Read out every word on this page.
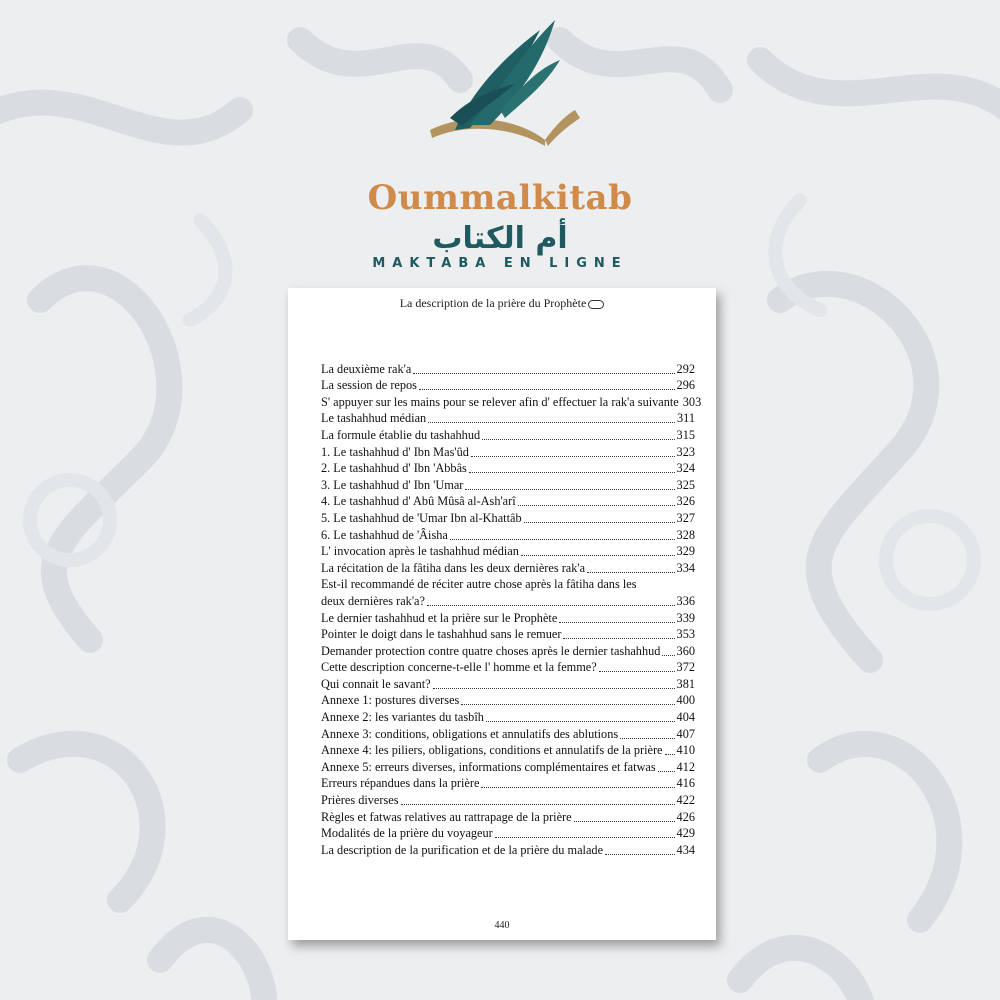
Oummalkitab
أم الكتاب
MAKTABA EN LIGNE
La description de la prière du Prophète
La deuxième rak'a	292
La session de repos	296
S' appuyer sur les mains pour se relever afin d' effectuer la rak'a suivante 303
Le tashahhud médian	311
La formule établie du tashahhud	315
1. Le tashahhud d' Ibn Mas'ûd	323
2. Le tashahhud d' Ibn 'Abbâs	324
3. Le tashahhud d' Ibn 'Umar	325
4. Le tashahhud d' Abû Mûsâ al-Ash'arî	326
5. Le tashahhud de 'Umar Ibn al-Khattâb	327
6. Le tashahhud de 'Âisha	328
L' invocation après le tashahhud médian	329
La récitation de la fâtiha dans les deux dernières rak'a	334
Est-il recommandé de réciter autre chose après la fâtiha dans les
deux dernières rak'a?	336
Le dernier tashahhud et la prière sur le Prophète	339
Pointer le doigt dans le tashahhud sans le remuer	353
Demander protection contre quatre choses après le dernier tashahhud 360
Cette description concerne-t-elle l' homme et la femme?	372
Qui connait le savant?	381
Annexe 1: postures diverses	400
Annexe 2: les variantes du tasbîh	404
Annexe 3: conditions, obligations et annulatifs des ablutions	407
Annexe 4: les piliers, obligations, conditions et annulatifs de la prière 410
Annexe 5: erreurs diverses, informations complémentaires et fatwas 412
Erreurs répandues dans la prière	416
Prières diverses	422
Règles et fatwas relatives au rattrapage de la prière	426
Modalités de la prière du voyageur	429
La description de la purification et de la prière du malade	434
440
